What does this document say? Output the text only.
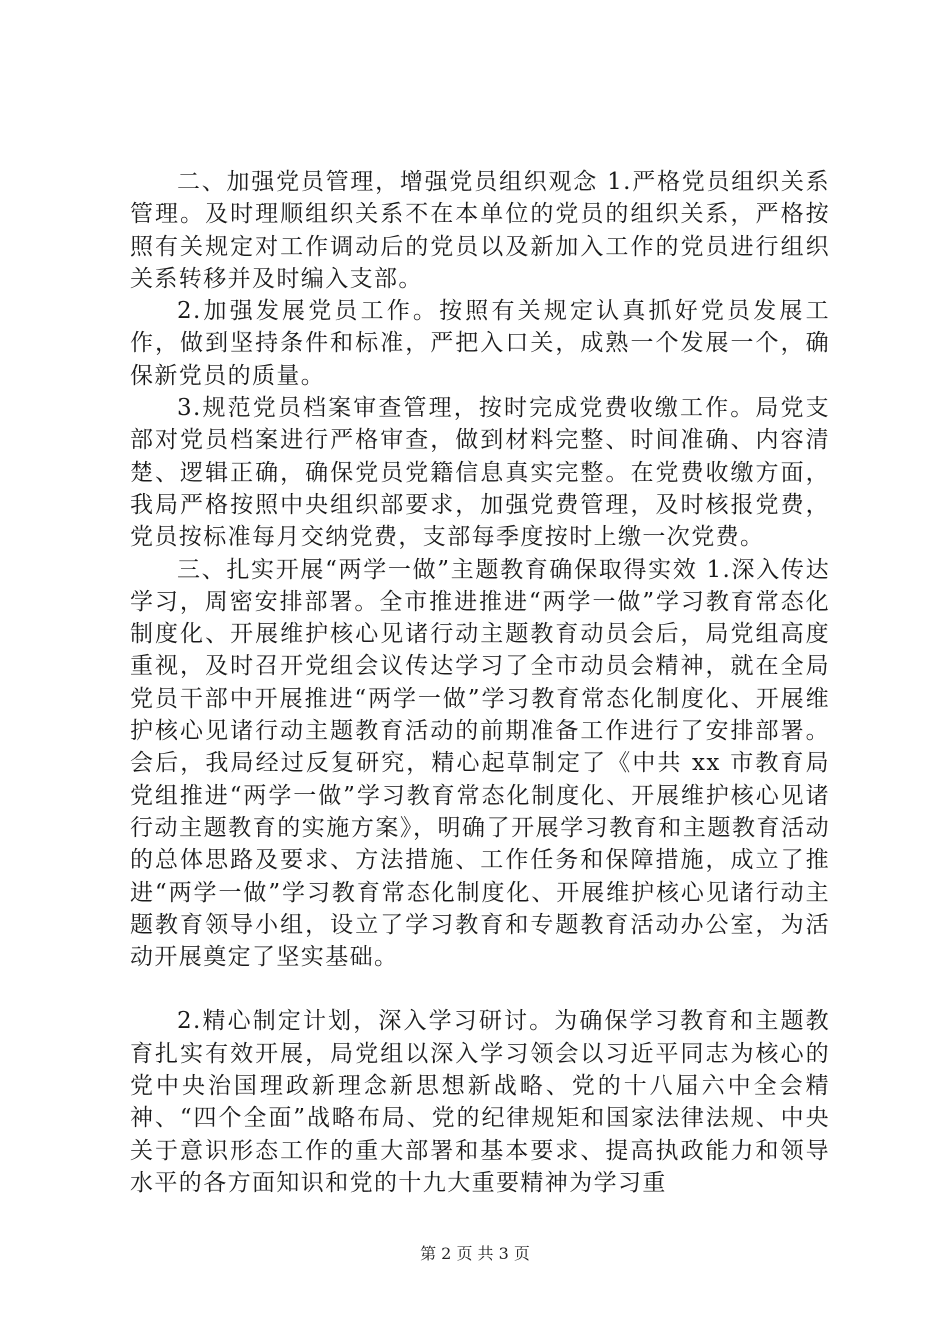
二、加强党员管理，增强党员组织观念 1.严格党员组织关系管理。及时理顺组织关系不在本单位的党员的组织关系，严格按照有关规定对工作调动后的党员以及新加入工作的党员进行组织关系转移并及时编入支部。

2.加强发展党员工作。按照有关规定认真抓好党员发展工作，做到坚持条件和标准，严把入口关，成熟一个发展一个，确保新党员的质量。

3.规范党员档案审查管理，按时完成党费收缴工作。局党支部对党员档案进行严格审查，做到材料完整、时间准确、内容清楚、逻辑正确，确保党员党籍信息真实完整。在党费收缴方面，我局严格按照中央组织部要求，加强党费管理，及时核报党费，党员按标准每月交纳党费，支部每季度按时上缴一次党费。

三、扎实开展“两学一做”主题教育确保取得实效 1.深入传达学习，周密安排部署。全市推进推进“两学一做”学习教育常态化制度化、开展维护核心见诸行动主题教育动员会后，局党组高度重视，及时召开党组会议传达学习了全市动员会精神，就在全局党员干部中开展推进“两学一做”学习教育常态化制度化、开展维护核心见诸行动主题教育活动的前期准备工作进行了安排部署。会后，我局经过反复研究，精心起草制定了《中共 xx 市教育局党组推进“两学一做”学习教育常态化制度化、开展维护核心见诸行动主题教育的实施方案》，明确了开展学习教育和主题教育活动的总体思路及要求、方法措施、工作任务和保障措施，成立了推进“两学一做”学习教育常态化制度化、开展维护核心见诸行动主题教育领导小组，设立了学习教育和专题教育活动办公室，为活动开展奠定了坚实基础。

2.精心制定计划，深入学习研讨。为确保学习教育和主题教育扎实有效开展，局党组以深入学习领会以习近平同志为核心的党中央治国理政新理念新思想新战略、党的十八届六中全会精神、“四个全面”战略布局、党的纪律规矩和国家法律法规、中央关于意识形态工作的重大部署和基本要求、提高执政能力和领导水平的各方面知识和党的十九大重要精神为学习重

第 2 页 共 3 页
